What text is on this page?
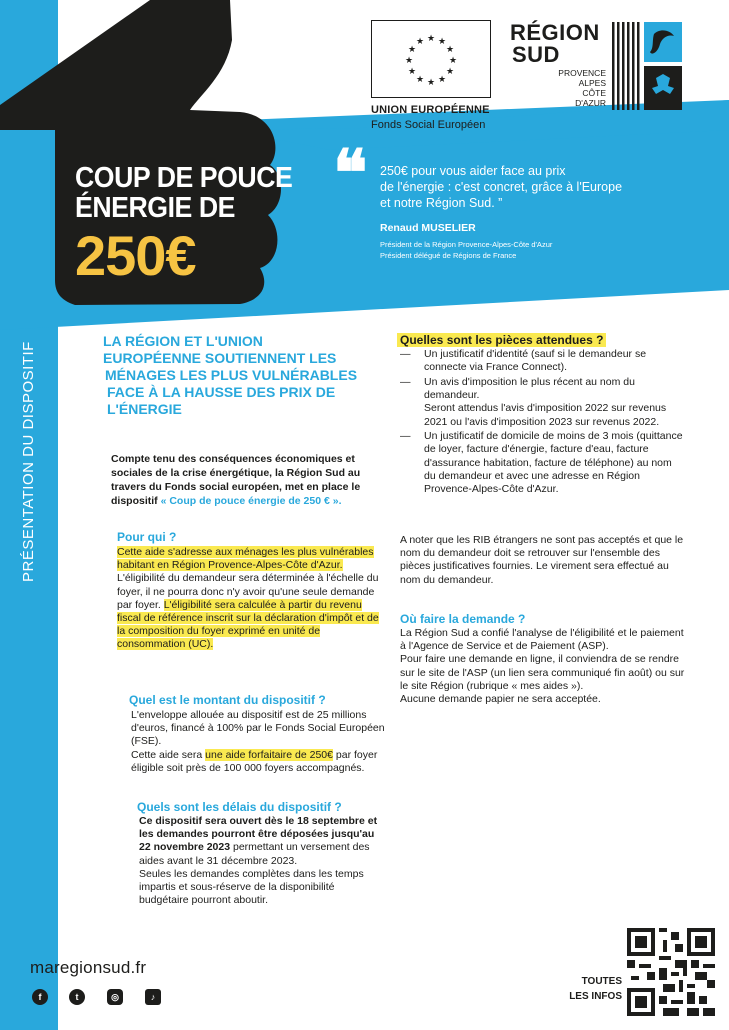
★ ★
★
★
★
★
★
★
★
★
★
★
UNION EUROPÉENNE
Fonds Social Européen
RÉGION
SUD
PROVENCE
ALPES
CÔTE D'AZUR
COUP DE POUCE
ÉNERGIE DE
250€
❝ 250€ pour vous aider face au prix
de l'énergie : c'est concret, grâce à l'Europe
et notre Région Sud. ”
Renaud MUSELIER
Président de la Région Provence-Alpes-Côte d'Azur
Président délégué de Régions de France
PRÉSENTATION DU DISPOSITIF
LA RÉGION ET L'UNION
EUROPÉENNE SOUTIENNENT LES
MÉNAGES LES PLUS VULNÉRABLES
FACE À LA HAUSSE DES PRIX DE
L'ÉNERGIE
Compte tenu des conséquences économiques et sociales de la crise énergétique, la Région Sud au travers du Fonds social européen, met en place le dispositif « Coup de pouce énergie de 250 € ».
Pour qui ?
Cette aide s'adresse aux ménages les plus vulnérables habitant en Région Provence-Alpes-Côte d'Azur.
L'éligibilité du demandeur sera déterminée à l'échelle du foyer, il ne pourra donc n'y avoir qu'une seule demande par foyer. L'éligibilité sera calculée à partir du revenu fiscal de référence inscrit sur la déclaration d'impôt et de la composition du foyer exprimé en unité de consommation (UC).
Quel est le montant du dispositif ?
L'enveloppe allouée au dispositif est de 25 millions d'euros, financé à 100% par le Fonds Social Européen (FSE).
Cette aide sera une aide forfaitaire de 250€ par foyer éligible soit près de 100 000 foyers accompagnés.
Quels sont les délais du dispositif ?
Ce dispositif sera ouvert dès le 18 septembre et les demandes pourront être déposées jusqu'au 22 novembre 2023 permettant un versement des aides avant le 31 décembre 2023.
Seules les demandes complètes dans les temps impartis et sous-réserve de la disponibilité budgétaire pourront aboutir.
Quelles sont les pièces attendues ?
— Un justificatif d'identité (sauf si le demandeur se connecte via France Connect).
— Un avis d'imposition le plus récent au nom du demandeur.
Seront attendus l'avis d'imposition 2022 sur revenus 2021 ou l'avis d'imposition 2023 sur revenus 2022.
— Un justificatif de domicile de moins de 3 mois (quittance de loyer, facture d'énergie, facture d'eau, facture d'assurance habitation, facture de téléphone) au nom du demandeur et avec une adresse en Région Provence-Alpes-Côte d'Azur.
A noter que les RIB étrangers ne sont pas acceptés et que le nom du demandeur doit se retrouver sur l'ensemble des pièces justificatives fournies. Le virement sera effectué au nom du demandeur.
Où faire la demande ?
La Région Sud a confié l'analyse de l'éligibilité et le paiement à l'Agence de Service et de Paiement (ASP).
Pour faire une demande en ligne, il conviendra de se rendre sur le site de l'ASP (un lien sera communiqué fin août) ou sur le site Région (rubrique « mes aides »).
Aucune demande papier ne sera acceptée.
maregionsud.fr
f	t	◎	♪
TOUTES
LES INFOS
